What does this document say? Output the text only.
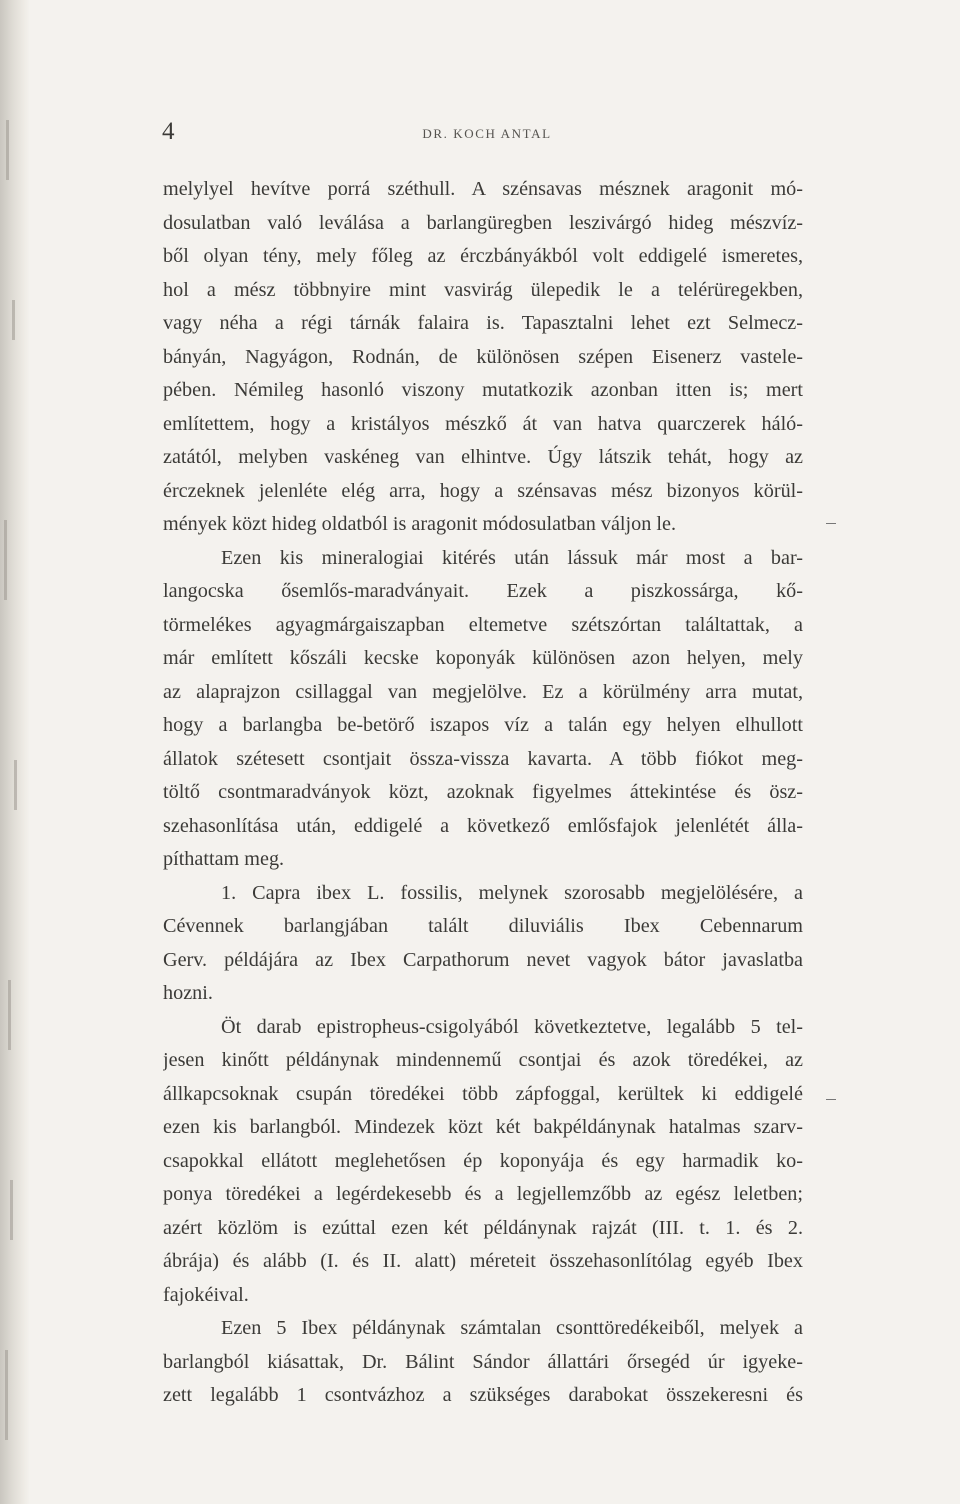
4	DR. KOCH ANTAL
melylyel hevítve porrá széthull. A szénsavas mésznek aragonit mó-
dosulatban való leválása a barlangüregben leszivárgó hideg mészvíz-
ből olyan tény, mely főleg az érczbányákból volt eddigelé ismeretes,
hol a mész többnyire mint vasvirág ülepedik le a telérüregekben,
vagy néha a régi tárnák falaira is. Tapasztalni lehet ezt Selmecz-
bányán, Nagyágon, Rodnán, de különösen szépen Eisenerz vastele-
pében. Némileg hasonló viszony mutatkozik azonban itten is; mert
említettem, hogy a kristályos mészkő át van hatva quarczerek háló-
zatától, melyben vaskéneg van elhintve. Úgy látszik tehát, hogy az
érczeknek jelenléte elég arra, hogy a szénsavas mész bizonyos körül-
mények közt hideg oldatból is aragonit módosulatban váljon le.
Ezen kis mineralogiai kitérés után lássuk már most a bar-
langocska ősemlős-maradványait. Ezek a piszkossárga, kő-
törmelékes agyagmárgaiszapban eltemetve szétszórtan találtattak, a
már említett kőszáli kecske koponyák különösen azon helyen, mely
az alaprajzon csillaggal van megjelölve. Ez a körülmény arra mutat,
hogy a barlangba be-betörő iszapos víz a talán egy helyen elhullott
állatok szétesett csontjait össza-vissza kavarta. A több fiókot meg-
töltő csontmaradványok közt, azoknak figyelmes áttekintése és ösz-
szehasonlítása után, eddigelé a következő emlősfajok jelenlétét álla-
píthattam meg.
1. Capra ibex L. fossilis, melynek szorosabb megjelölésére, a
Cévennek barlangjában talált diluviális Ibex Cebennarum
Gerv. példájára az Ibex Carpathorum nevet vagyok bátor javaslatba
hozni.
Öt darab epistropheus-csigolyából következtetve, legalább 5 tel-
jesen kinőtt példánynak mindennemű csontjai és azok töredékei, az
állkapcsoknak csupán töredékei több zápfoggal, kerültek ki eddigelé
ezen kis barlangból. Mindezek közt két bakpéldánynak hatalmas szarv-
csapokkal ellátott meglehetősen ép koponyája és egy harmadik ko-
ponya töredékei a legérdekesebb és a legjellemzőbb az egész leletben;
azért közlöm is ezúttal ezen két példánynak rajzát (III. t. 1. és 2.
ábrája) és alább (I. és II. alatt) méreteit összehasonlítólag egyéb Ibex
fajokéival.
Ezen 5 Ibex példánynak számtalan csonttöredékeiből, melyek a
barlangból kiásattak, Dr. Bálint Sándor állattári őrsegéd úr igyeke-
zett legalább 1 csontvázhoz a szükséges darabokat összekeresni és
